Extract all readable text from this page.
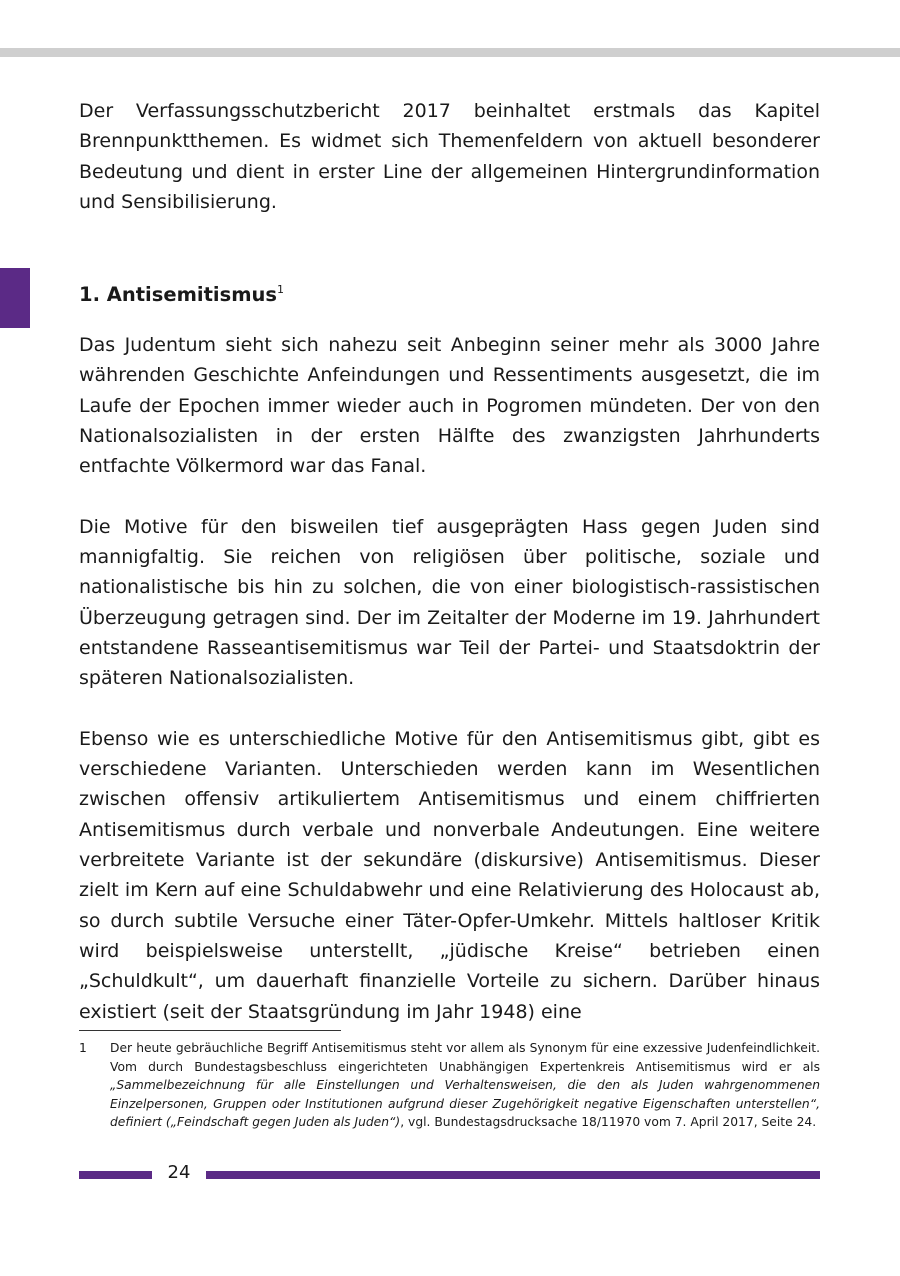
Der Verfassungsschutzbericht 2017 beinhaltet erstmals das Kapitel Brennpunktthemen. Es widmet sich Themenfeldern von aktuell besonderer Bedeutung und dient in erster Line der allgemeinen Hintergrundinformation und Sensibilisierung.

1. Antisemitismus$^1$

Das Judentum sieht sich nahezu seit Anbeginn seiner mehr als 3000 Jahre währenden Geschichte Anfeindungen und Ressentiments ausgesetzt, die im Laufe der Epochen immer wieder auch in Pogromen mündeten. Der von den Nationalsozialisten in der ersten Hälfte des zwanzigsten Jahrhunderts entfachte Völkermord war das Fanal.

Die Motive für den bisweilen tief ausgeprägten Hass gegen Juden sind mannigfaltig. Sie reichen von religiösen über politische, soziale und nationalistische bis hin zu solchen, die von einer biologistisch-rassistischen Überzeugung getragen sind. Der im Zeitalter der Moderne im 19. Jahrhundert entstandene Rasseantisemitismus war Teil der Partei- und Staatsdoktrin der späteren Nationalsozialisten.

Ebenso wie es unterschiedliche Motive für den Antisemitismus gibt, gibt es verschiedene Varianten. Unterschieden werden kann im Wesentlichen zwischen offensiv artikuliertem Antisemitismus und einem chiffrierten Antisemitismus durch verbale und nonverbale Andeutungen. Eine weitere verbreitete Variante ist der sekundäre (diskursive) Antisemitismus. Dieser zielt im Kern auf eine Schuldabwehr und eine Relativierung des Holocaust ab, so durch subtile Versuche einer Täter-Opfer-Umkehr. Mittels haltloser Kritik wird beispielsweise unterstellt, „jüdische Kreise“ betrieben einen „Schuldkult“, um dauerhaft finanzielle Vorteile zu sichern. Darüber hinaus existiert (seit der Staatsgründung im Jahr 1948) eine

1 Der heute gebräuchliche Begriff Antisemitismus steht vor allem als Synonym für eine exzessive Judenfeindlichkeit. Vom durch Bundestagsbeschluss eingerichteten Unabhängigen Expertenkreis Antisemitismus wird er als „Sammelbezeichnung für alle Einstellungen und Verhaltensweisen, die den als Juden wahrgenommenen Einzelpersonen, Gruppen oder Institutionen aufgrund dieser Zugehörigkeit negative Eigenschaften unterstellen“, definiert („Feindschaft gegen Juden als Juden“), vgl. Bundestagsdrucksache 18/11970 vom 7. April 2017, Seite 24.
24
